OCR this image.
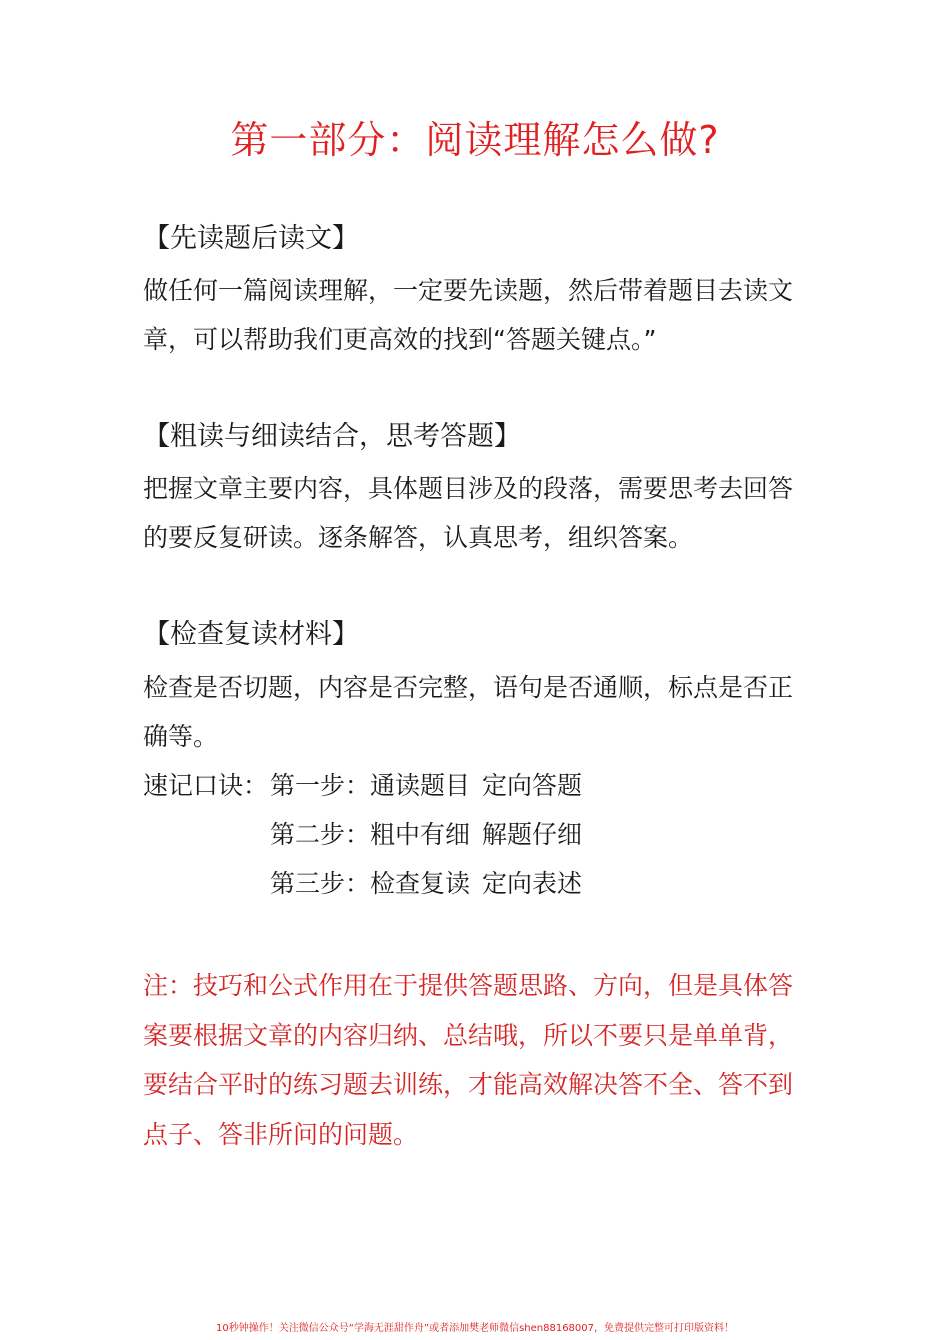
第一部分：阅读理解怎么做?
【先读题后读文】

做任何一篇阅读理解，一定要先读题，然后带着题目去读文章，可以帮助我们更高效的找到“答题关键点。”

【粗读与细读结合，思考答题】

把握文章主要内容，具体题目涉及的段落，需要思考去回答的要反复研读。逐条解答，认真思考，组织答案。

【检查复读材料】

检查是否切题，内容是否完整，语句是否通顺，标点是否正确等。

速记口诀：第一步：通读题目 定向答题
第二步：粗中有细 解题仔细
第三步：检查复读 定向表述

注：技巧和公式作用在于提供答题思路、方向，但是具体答案要根据文章的内容归纳、总结哦，所以不要只是单单背，要结合平时的练习题去训练，才能高效解决答不全、答不到点子、答非所问的问题。

10秒钟操作！关注微信公众号“学海无涯甜作舟”或者添加樊老师微信shen88168007，免费提供完整可打印版资料！
